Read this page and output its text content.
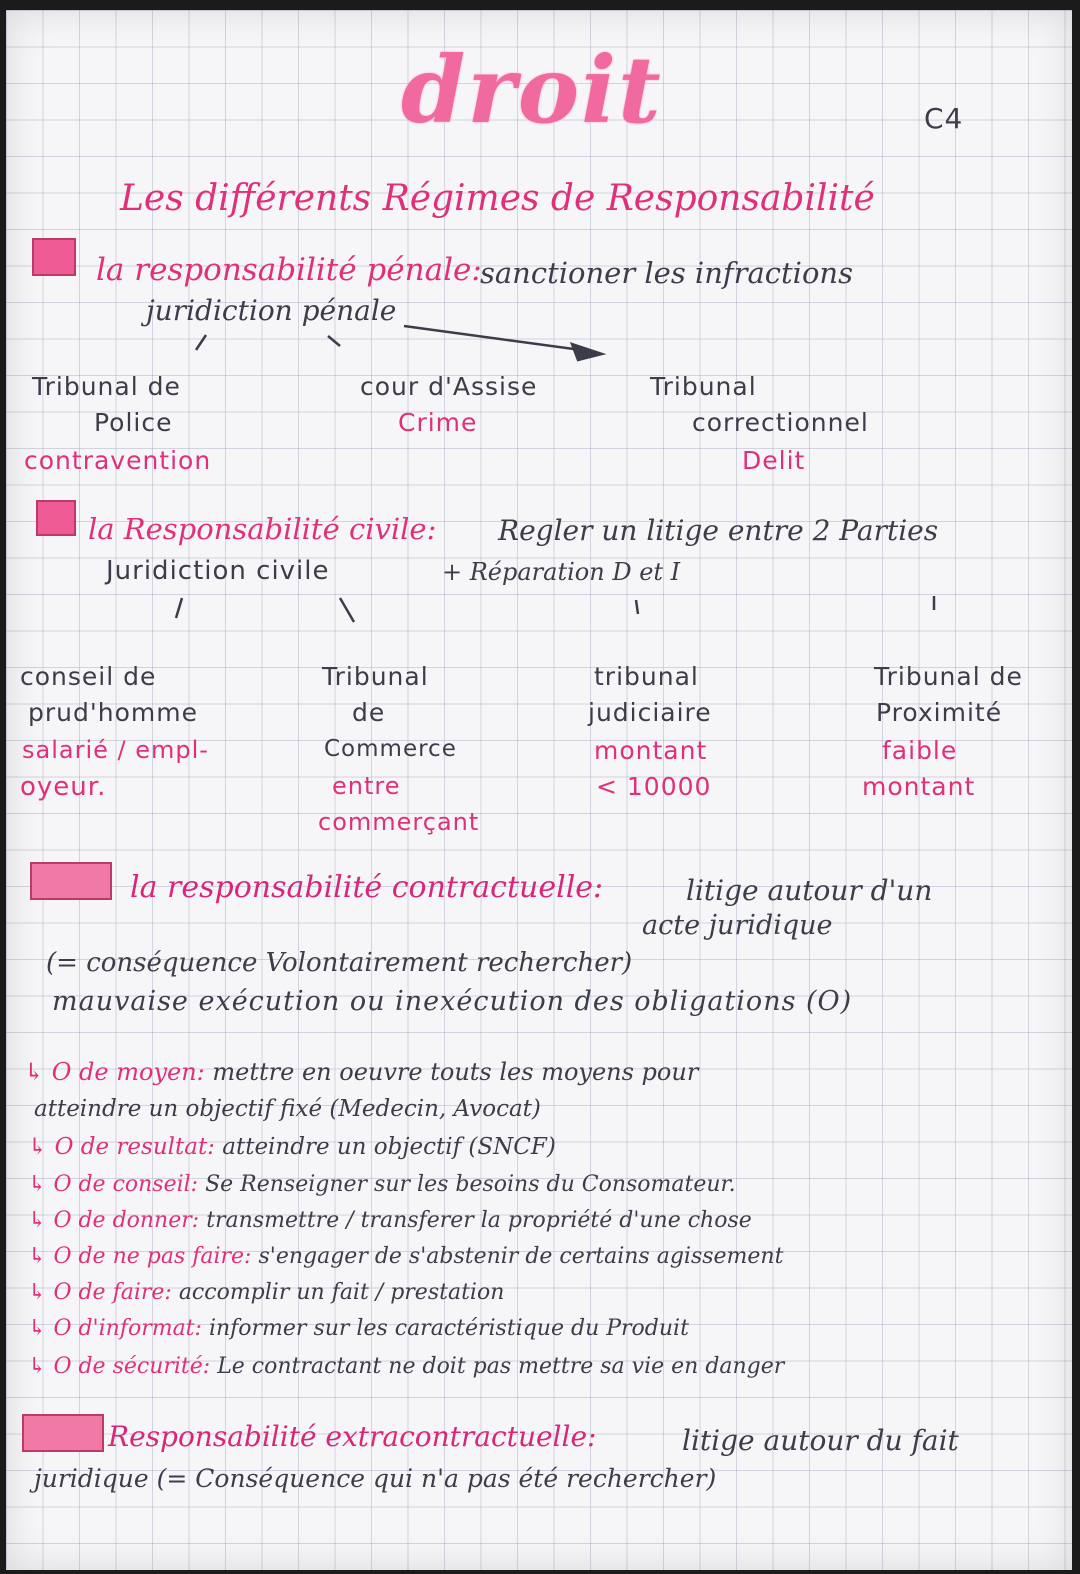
droit	C4
Les différents Régimes de Responsabilité
la responsabilité pénale:
sanctioner les infractions
juridiction pénale
Tribunal de
Police
contravention
cour d'Assise
Crime
Tribunal
correctionnel
Delit
la Responsabilité civile: Regler un litige entre 2 Parties
Juridiction civile	+ Réparation D et I
conseil de
prud'homme
salarié / empl-
oyeur.
Tribunal
de
Commerce
entre
commerçant
tribunal
judiciaire
montant
< 10000
Tribunal de
Proximité
faible
montant
la responsabilité contractuelle:	litige autour d'un
acte juridique
(= conséquence Volontairement rechercher)
mauvaise exécution ou inexécution des obligations (O)
↳ O de moyen: mettre en oeuvre touts les moyens pour
atteindre un objectif fixé (Medecin, Avocat)
↳ O de resultat: atteindre un objectif (SNCF)
↳ O de conseil: Se Renseigner sur les besoins du Consomateur.
↳ O de donner: transmettre / transferer la propriété d'une chose
↳ O de ne pas faire: s'engager de s'abstenir de certains agissement
↳ O de faire: accomplir un fait / prestation
↳ O d'informat: informer sur les caractéristique du Produit
↳ O de sécurité: Le contractant ne doit pas mettre sa vie en danger
Responsabilité extracontractuelle:	litige autour du fait
juridique (= Conséquence qui n'a pas été rechercher)
